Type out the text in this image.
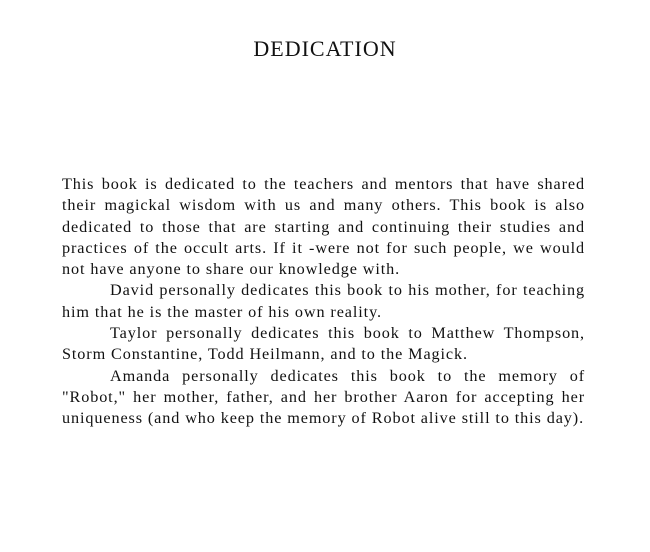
DEDICATION

This book is dedicated to the teachers and mentors that have shared their magickal wisdom with us and many others. This book is also dedicated to those that are starting and continuing their studies and practices of the occult arts. If it -were not for such people, we would not have anyone to share our knowledge with.

David personally dedicates this book to his mother, for teaching him that he is the master of his own reality.

Taylor personally dedicates this book to Matthew Thompson, Storm Constantine, Todd Heilmann, and to the Magick.

Amanda personally dedicates this book to the memory of "Robot," her mother, father, and her brother Aaron for accepting her uniqueness (and who keep the memory of Robot alive still to this day).
